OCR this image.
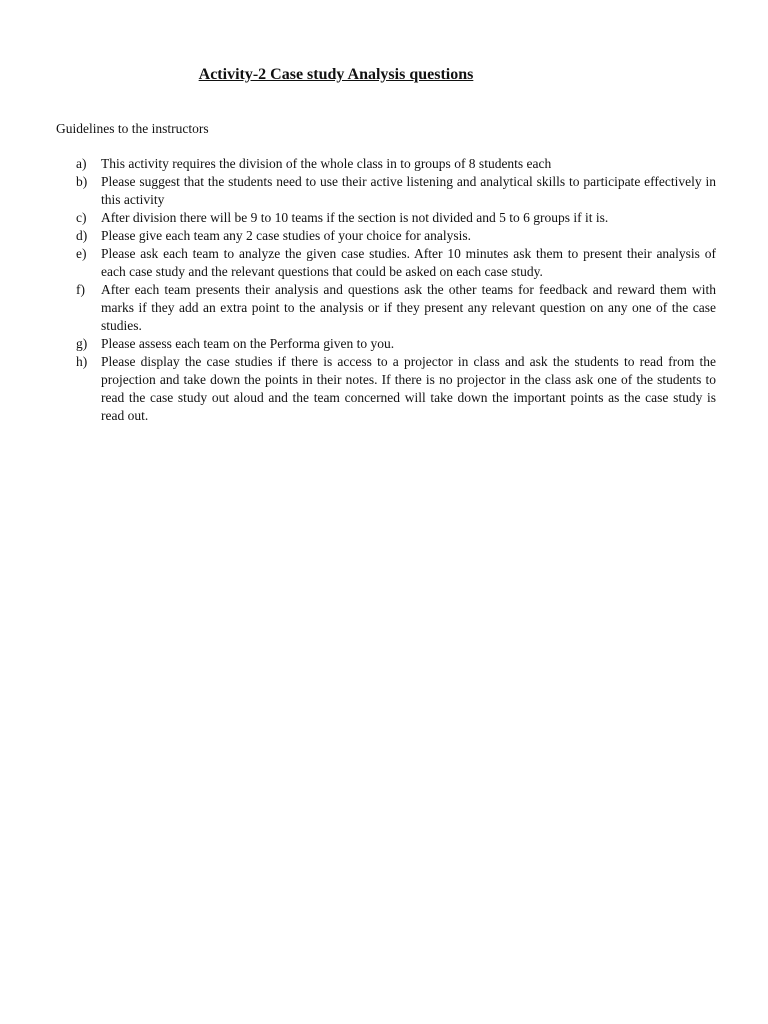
Activity-2 Case study Analysis questions
Guidelines to the instructors
a)	This activity requires the division of the whole class in to groups of 8 students each
b)	Please suggest that the students need to use their active listening and analytical skills to participate effectively in this activity
c)	After division there will be 9 to 10 teams if the section is not divided and 5 to 6 groups if it is.
d)	Please give each team any 2 case studies of your choice for analysis.
e)	Please ask each team to analyze the given case studies. After 10 minutes ask them to present their analysis of each case study and the relevant questions that could be asked on each case study.
f)	After each team presents their analysis and questions ask the other teams for feedback and reward them with marks if they add an extra point to the analysis or if they present any relevant question on any one of the case studies.
g)	Please assess each team on the Performa given to you.
h)	Please display the case studies if there is access to a projector in class and ask the students to read from the projection and take down the points in their notes. If there is no projector in the class ask one of the students to read the case study out aloud and the team concerned will take down the important points as the case study is read out.
